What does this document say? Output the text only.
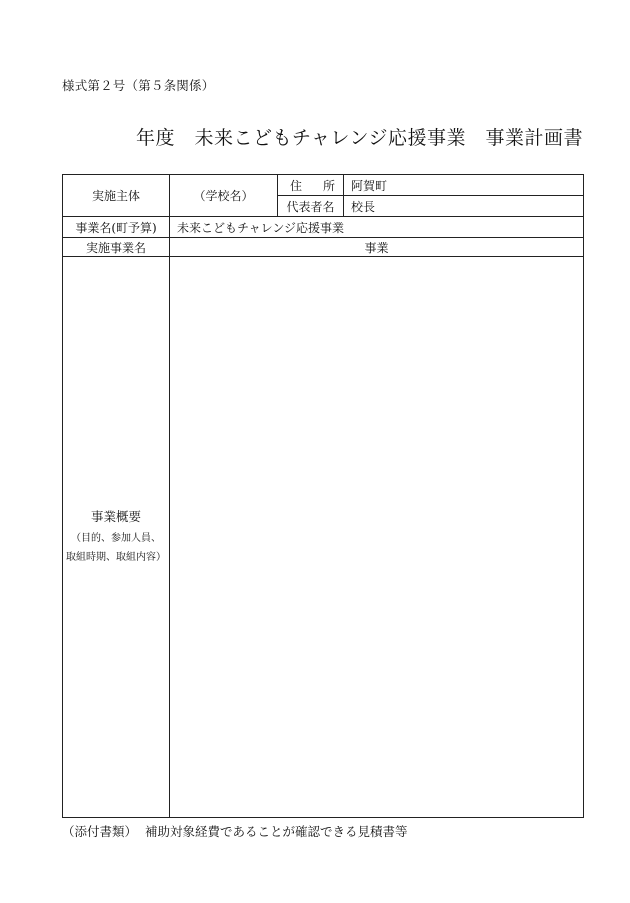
様式第２号（第５条関係）
年度　未来こどもチャレンジ応援事業　事業計画書
実施主体	（学校名）	住 所	阿賀町
		代表者名	校長
事業名(町予算)	未来こどもチャレンジ応援事業		
実施事業名	事業		

事業概要
（目的、参加人員、
取組時期、取組内容）			

（添付書類）  補助対象経費であることが確認できる見積書等
